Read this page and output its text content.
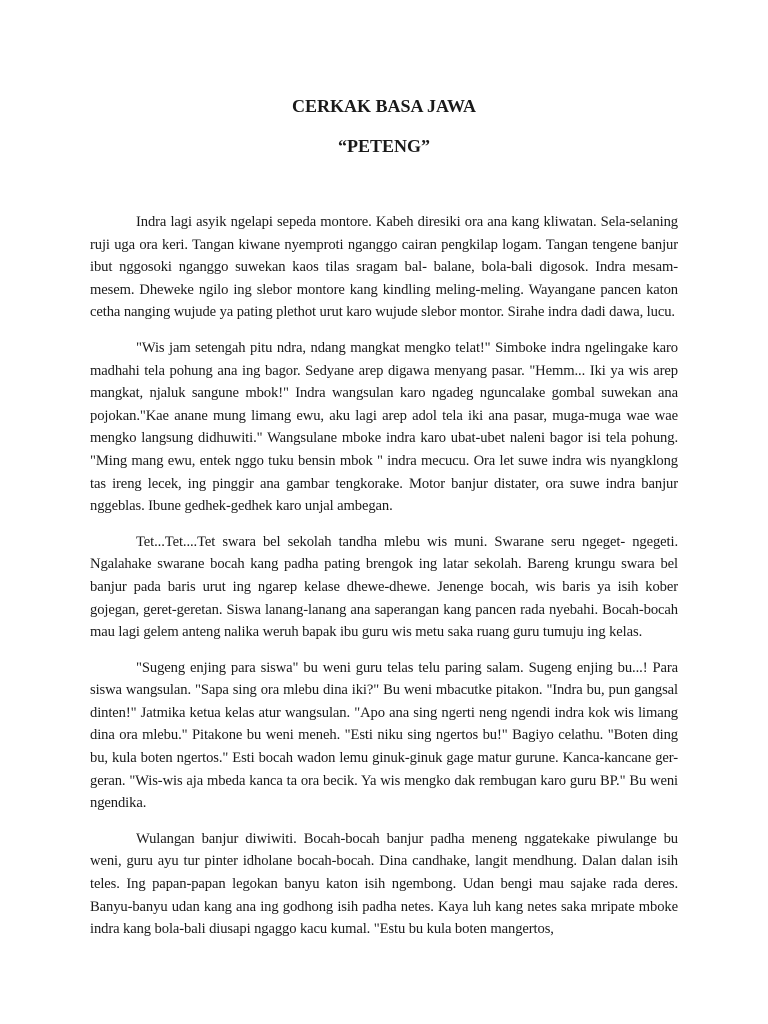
CERKAK BASA JAWA
“PETENG”

Indra lagi asyik ngelapi sepeda montore. Kabeh diresiki ora ana kang kliwatan. Sela-selaning ruji uga ora keri. Tangan kiwane nyemproti nganggo cairan pengkilap logam. Tangan tengene banjur ibut nggosoki nganggo suwekan kaos tilas sragam bal- balane, bola-bali digosok. Indra mesam-mesem. Dheweke ngilo ing slebor montore kang kindling meling-meling. Wayangane pancen katon cetha nanging wujude ya pating plethot urut karo wujude slebor montor. Sirahe indra dadi dawa, lucu.

"Wis jam setengah pitu ndra, ndang mangkat mengko telat!" Simboke indra ngelingake karo madhahi tela pohung ana ing bagor. Sedyane arep digawa menyang pasar. "Hemm... Iki ya wis arep mangkat, njaluk sangune mbok!" Indra wangsulan karo ngadeg nguncalake gombal suwekan ana pojokan."Kae anane mung limang ewu, aku lagi arep adol tela iki ana pasar, muga-muga wae wae mengko langsung didhuwiti." Wangsulane mboke indra karo ubat-ubet naleni bagor isi tela pohung. "Ming mang ewu, entek nggo tuku bensin mbok " indra mecucu. Ora let suwe indra wis nyangklong tas ireng lecek, ing pinggir ana gambar tengkorake. Motor banjur distater, ora suwe indra banjur nggeblas. Ibune gedhek-gedhek karo unjal ambegan.

Tet...Tet....Tet swara bel sekolah tandha mlebu wis muni. Swarane seru ngeget- ngegeti. Ngalahake swarane bocah kang padha pating brengok ing latar sekolah. Bareng krungu swara bel banjur pada baris urut ing ngarep kelase dhewe-dhewe. Jenenge bocah, wis baris ya isih kober gojegan, geret-geretan. Siswa lanang-lanang ana saperangan kang pancen rada nyebahi. Bocah-bocah mau lagi gelem anteng nalika weruh bapak ibu guru wis metu saka ruang guru tumuju ing kelas.

"Sugeng enjing para siswa" bu weni guru telas telu paring salam. Sugeng enjing bu...! Para siswa wangsulan. "Sapa sing ora mlebu dina iki?" Bu weni mbacutke pitakon. "Indra bu, pun gangsal dinten!" Jatmika ketua kelas atur wangsulan. "Apo ana sing ngerti neng ngendi indra kok wis limang dina ora mlebu." Pitakone bu weni meneh. "Esti niku sing ngertos bu!" Bagiyo celathu. "Boten ding bu, kula boten ngertos." Esti bocah wadon lemu ginuk-ginuk gage matur gurune. Kanca-kancane ger-geran. "Wis-wis aja mbeda kanca ta ora becik. Ya wis mengko dak rembugan karo guru BP." Bu weni ngendika.

Wulangan banjur diwiwiti. Bocah-bocah banjur padha meneng nggatekake piwulange bu weni, guru ayu tur pinter idholane bocah-bocah. Dina candhake, langit mendhung. Dalan dalan isih teles. Ing papan-papan legokan banyu katon isih ngembong. Udan bengi mau sajake rada deres. Banyu-banyu udan kang ana ing godhong isih padha netes. Kaya luh kang netes saka mripate mboke indra kang bola-bali diusapi ngaggo kacu kumal. "Estu bu kula boten mangertos,
